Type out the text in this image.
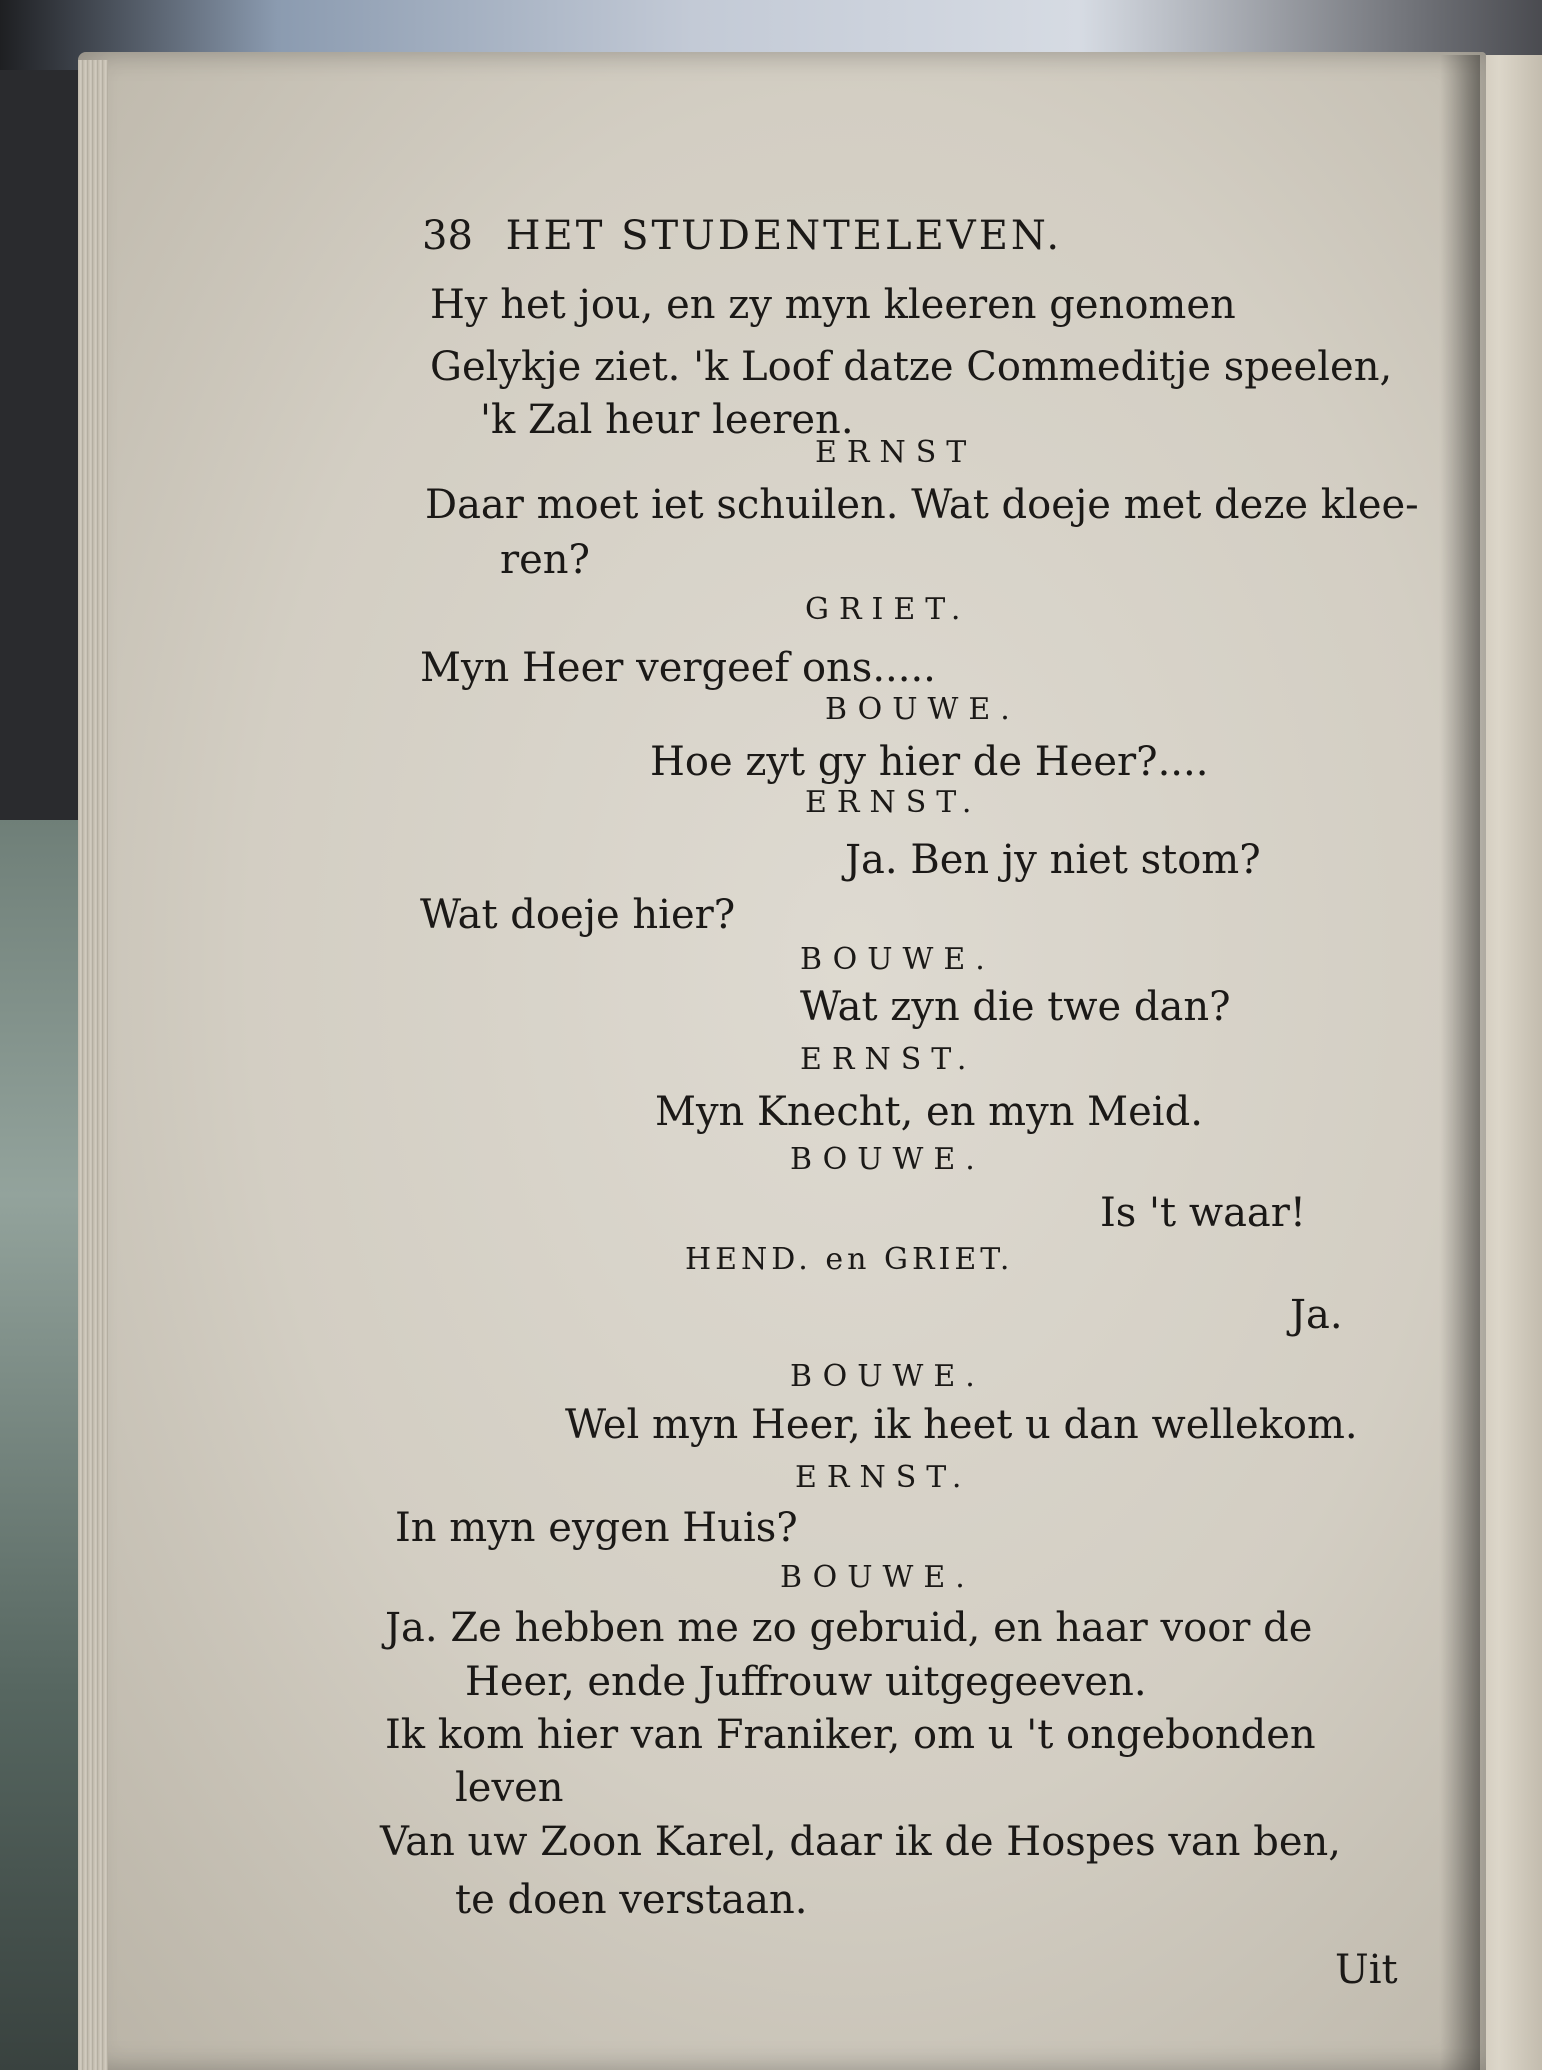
38 HET STUDENTELEVEN.
Hy het jou, en zy myn kleeren genomen
Gelykje ziet. 'k Loof datze Commeditje speelen,
'k Zal heur leeren.
ERNST
Daar moet iet schuilen. Wat doeje met deze klee-
ren?
GRIET.
Myn Heer vergeef ons.....
BOUWE.
Hoe zyt gy hier de Heer?....
ERNST.
Ja. Ben jy niet stom?
Wat doeje hier?
BOUWE.
Wat zyn die twe dan?
ERNST.
Myn Knecht, en myn Meid.
BOUWE.
Is 't waar!
HEND. en GRIET.
Ja.
BOUWE.
Wel myn Heer, ik heet u dan wellekom.
ERNST.
In myn eygen Huis?
BOUWE.
Ja. Ze hebben me zo gebruid, en haar voor de
Heer, ende Juffrouw uitgegeeven.
Ik kom hier van Franiker, om u 't ongebonden
leven
Van uw Zoon Karel, daar ik de Hospes van ben,
te doen verstaan.
Uit
